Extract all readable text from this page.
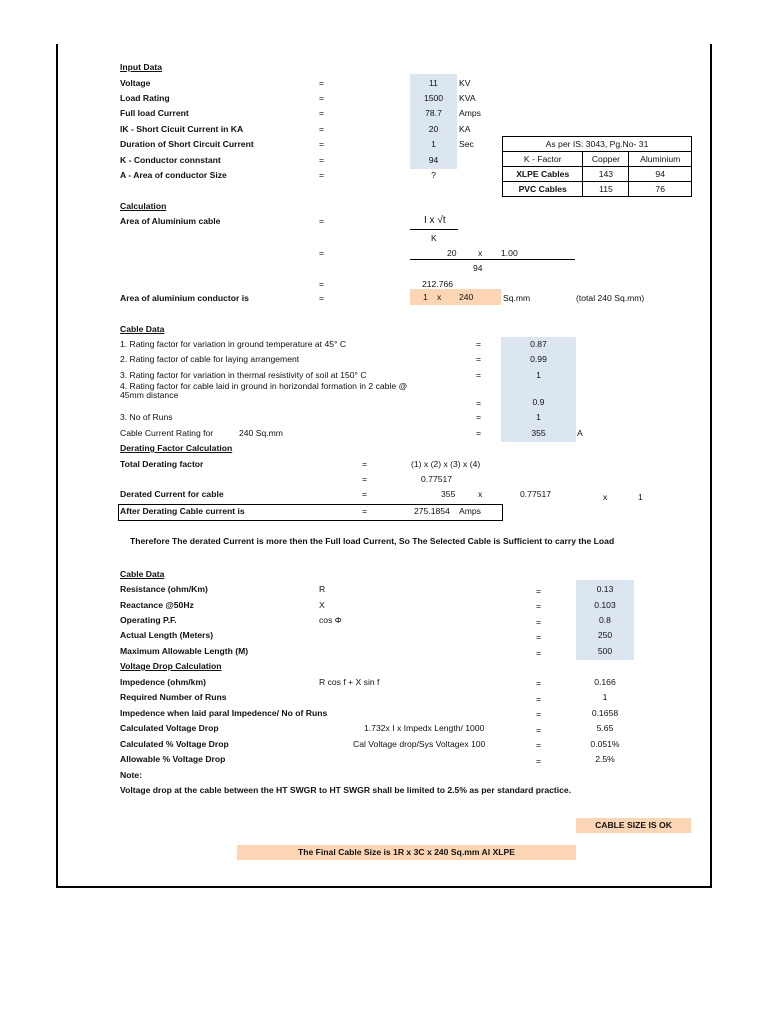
Input Data
Voltage	=	11	KV
Load Rating	=	1500	KVA
Full load Current	=	78.7	Amps
IK - Short Cicuit Current in KA	=	20	KA
Duration of Short Circuit Current	=	1	Sec
K - Conductor connstant	=	94
A - Area of conductor Size	=	?
As per IS: 3043, Pg.No- 31		
K - Factor	Copper	Aluminium
XLPE Cables	143	94
PVC Cables	115	76
Calculation
Area of Aluminium cable	=	I x √t
K
=	20 x 1.00
94
=	212.766
Area of aluminium conductor is	=	1 x 240	Sq.mm	(total 240 Sq.mm)
Cable Data
1. Rating factor for variation in ground temperature at 45° C	=	0.87
2. Rating factor of cable for laying arrangement	=	0.99
3. Rating factor for variation in thermal resistivity of soil at 150° C	=	1
4. Rating factor for cable laid in ground in horizondal formation in 2 cable @
45mm distance
=	0.9
3. No of Runs	=	1
Cable Current Rating for	240 Sq.mm	=	355	A
Derating Factor Calculation
Total Derating factor	=	(1) x (2) x (3) x (4)
=	0.77517
Derated Current for cable	=	355	x	0.77517	x	1
After Derating Cable current is	=	275.1854 Amps
Therefore The derated Current is more then the Full load Current, So The Selected Cable is Sufficient to carry the Load
Cable Data
Resistance (ohm/Km)	R	=	0.13
Reactance @50Hz	X	=	0.103
Operating P.F.	cos Φ	=	0.8
Actual Length (Meters)	=	250
Maximum Allowable Length (M)	=	500
Voltage Drop Calculation
Impedence (ohm/km)	R cos f + X sin f	=	0.166
Required Number of Runs	=	1
Impedence when laid paral Impedence/ No of Runs	=	0.1658
Calculated Voltage Drop	1.732x I x Impedx Length/ 1000	=	5.65
Calculated % Voltage Drop	Cal Voltage drop/Sys Voltagex 100	=	0.051%
Allowable % Voltage Drop	=	2.5%
Note:
Voltage drop at the cable between the HT SWGR to HT SWGR shall be limited to 2.5% as per standard practice.
CABLE SIZE IS OK
The Final Cable Size is 1R x 3C x 240 Sq.mm Al XLPE
